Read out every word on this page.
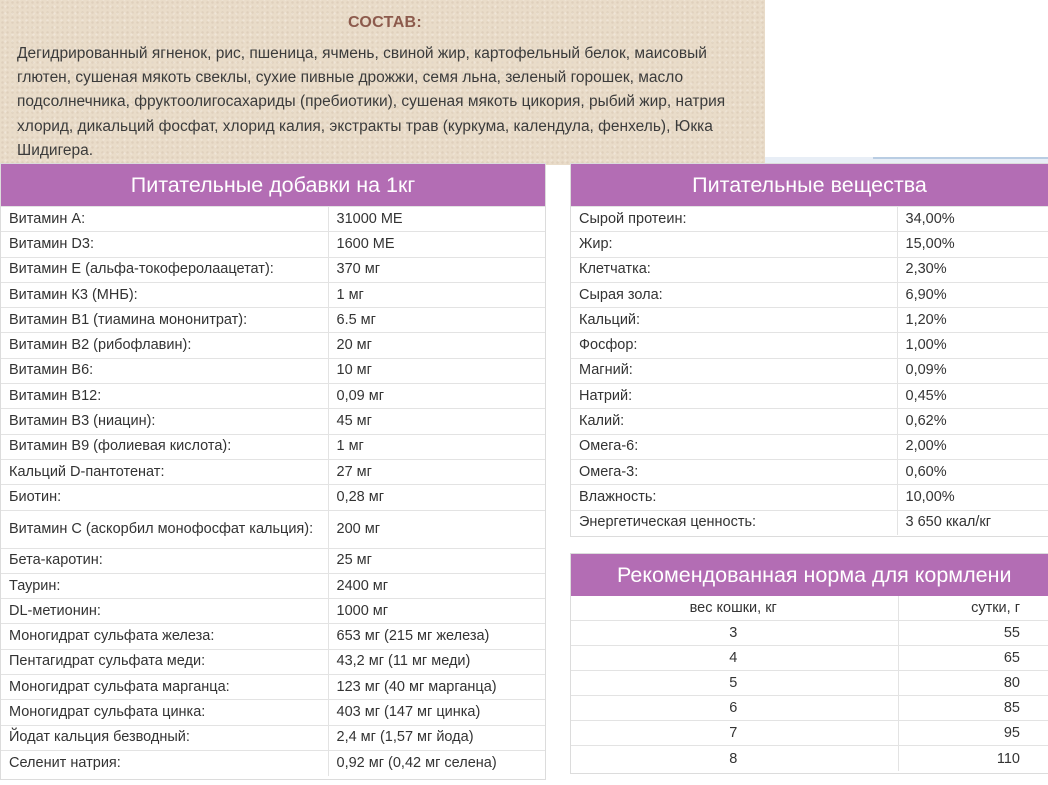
СОСТАВ:

Дегидрированный ягненок, рис, пшеница, ячмень, свиной жир, картофельный белок, маисовый глютен, сушеная мякоть свеклы, сухие пивные дрожжи, семя льна, зеленый горошек, масло подсолнечника, фруктоолигосахариды (пребиотики), сушеная мякоть цикория, рыбий жир, натрия хлорид, дикальций фосфат, хлорид калия, экстракты трав (куркума, календула, фенхель), Юкка Шидигера.

Питательные добавки на 1кг
Витамин А:	31000 МЕ
Витамин D3:	1600 МЕ
Витамин Е (альфа-токоферолаацетат):	370 мг
Витамин К3 (МНБ):	1 мг
Витамин В1 (тиамина мононитрат):	6.5 мг
Витамин В2 (рибофлавин):	20 мг
Витамин В6:	10 мг
Витамин В12:	0,09 мг
Витамин В3 (ниацин):	45 мг
Витамин В9 (фолиевая кислота):	1 мг
Кальций D-пантотенат:	27 мг
Биотин:	0,28 мг
Витамин С (аскорбил монофосфат кальция):	200 мг
Бета-каротин:	25 мг
Таурин:	2400 мг
DL-метионин:	1000 мг
Моногидрат сульфата железа:	653 мг (215 мг железа)
Пентагидрат сульфата меди:	43,2 мг (11 мг меди)
Моногидрат сульфата марганца:	123 мг (40 мг марганца)
Моногидрат сульфата цинка:	403 мг (147 мг цинка)
Йодат кальция безводный:	2,4 мг (1,57 мг йода)
Селенит натрия:	0,92 мг (0,42 мг селена)
Питательные вещества
Сырой протеин:	34,00%
Жир:	15,00%
Клетчатка:	2,30%
Сырая зола:	6,90%
Кальций:	1,20%
Фосфор:	1,00%
Магний:	0,09%
Натрий:	0,45%
Калий:	0,62%
Омега-6:	2,00%
Омега-3:	0,60%
Влажность:	10,00%
Энергетическая ценность:	3 650 ккал/кг
Рекомендованная норма для кормлени
вес кошки, кг	сутки, г
3	55
4	65
5	80
6	85
7	95
8	110
